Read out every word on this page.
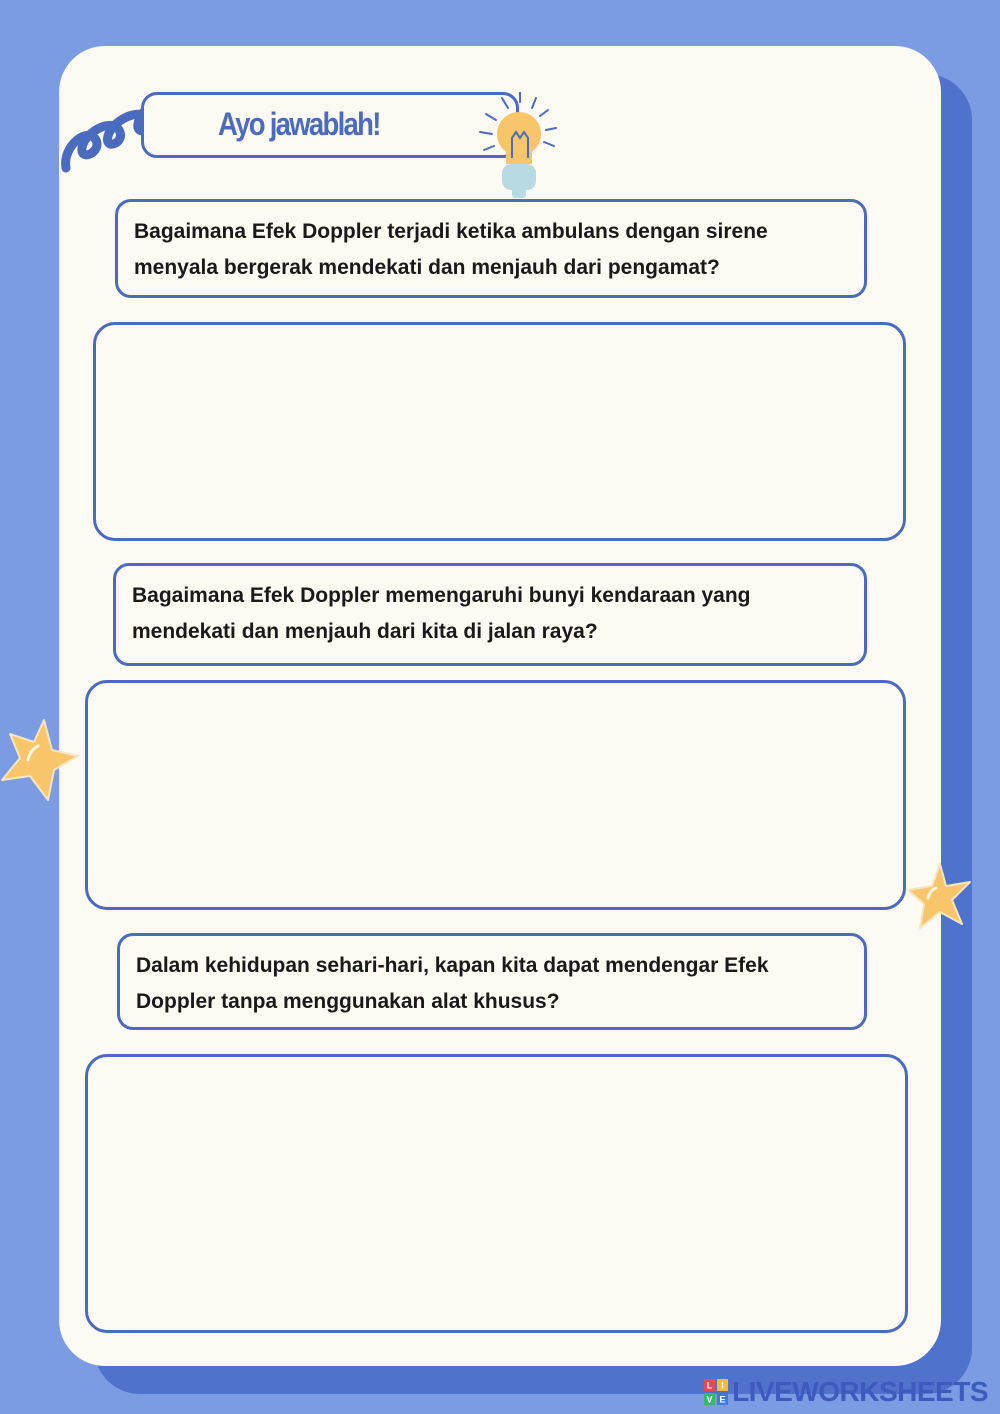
Ayo jawablah!
Bagaimana Efek Doppler terjadi ketika ambulans dengan sirene
menyala bergerak mendekati dan menjauh dari pengamat?
Bagaimana Efek Doppler memengaruhi bunyi kendaraan yang
mendekati dan menjauh dari kita di jalan raya?
Dalam kehidupan sehari-hari, kapan kita dapat mendengar Efek
Doppler tanpa menggunakan alat khusus?
L I
V E LIVEWORKSHEETS
